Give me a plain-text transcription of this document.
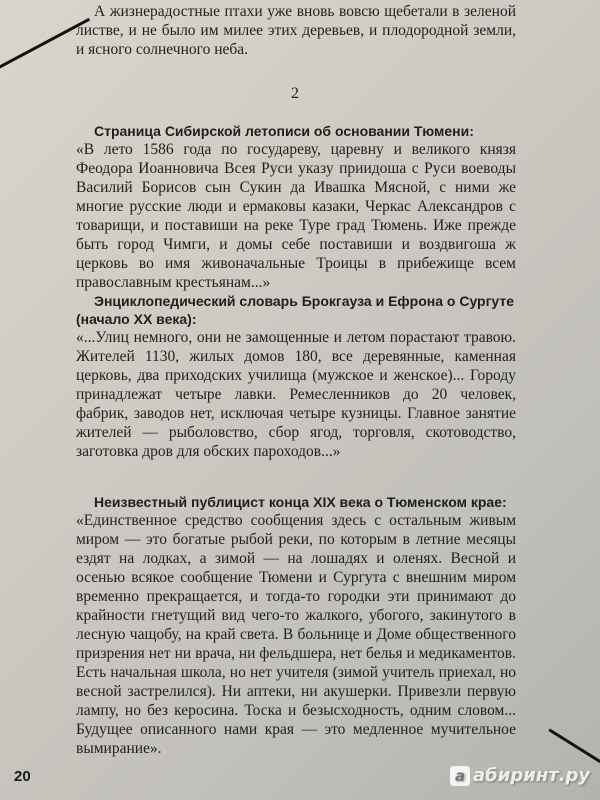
А жизнерадостные птахи уже вновь вовсю щебетали в зеленой листве, и не было им милее этих деревьев, и плодородной земли, и ясного солнечного неба.

2

Страница Сибирской летописи об основании Тюмени:

«В лето 1586 года по государеву, царевну и великого князя Феодора Иоанновича Всея Руси указу приидоша с Руси воеводы Василий Борисов сын Сукин да Ивашка Мясной, с ними же многие русские люди и ермаковы казаки, Черкас Александров с товарищи, и поставиши на реке Туре град Тюмень. Иже прежде быть город Чимги, и домы себе поставиши и воздвигоша ж церковь во имя живоначальные Троицы в прибежище всем православным крестьянам...»

Энциклопедический словарь Брокгауза и Ефрона о Сургуте (начало XX века):

«...Улиц немного, они не замощенные и летом порастают травою. Жителей 1130, жилых домов 180, все деревянные, каменная церковь, два приходских училища (мужское и женское)... Городу принадлежат четыре лавки. Ремесленников до 20 человек, фабрик, заводов нет, исключая четыре кузницы. Главное занятие жителей — рыболовство, сбор ягод, торговля, скотоводство, заготовка дров для обских пароходов...»

Неизвестный публицист конца XIX века о Тюменском крае:

«Единственное средство сообщения здесь с остальным живым миром — это богатые рыбой реки, по которым в летние месяцы ездят на лодках, а зимой — на лошадях и оленях. Весной и осенью всякое сообщение Тюмени и Сургута с внешним миром временно прекращается, и тогда-то городки эти принимают до крайности гнетущий вид чего-то жалкого, убогого, закинутого в лесную чащобу, на край света. В больнице и Доме общественного призрения нет ни врача, ни фельдшера, нет белья и медикаментов. Есть начальная школа, но нет учителя (зимой учитель приехал, но весной застрелился). Ни аптеки, ни акушерки. Привезли первую лампу, но без керосина. Тоска и безысходность, одним словом... Будущее описанного нами края — это медленное мучительное вымирание».

20	a абиринт.ру
